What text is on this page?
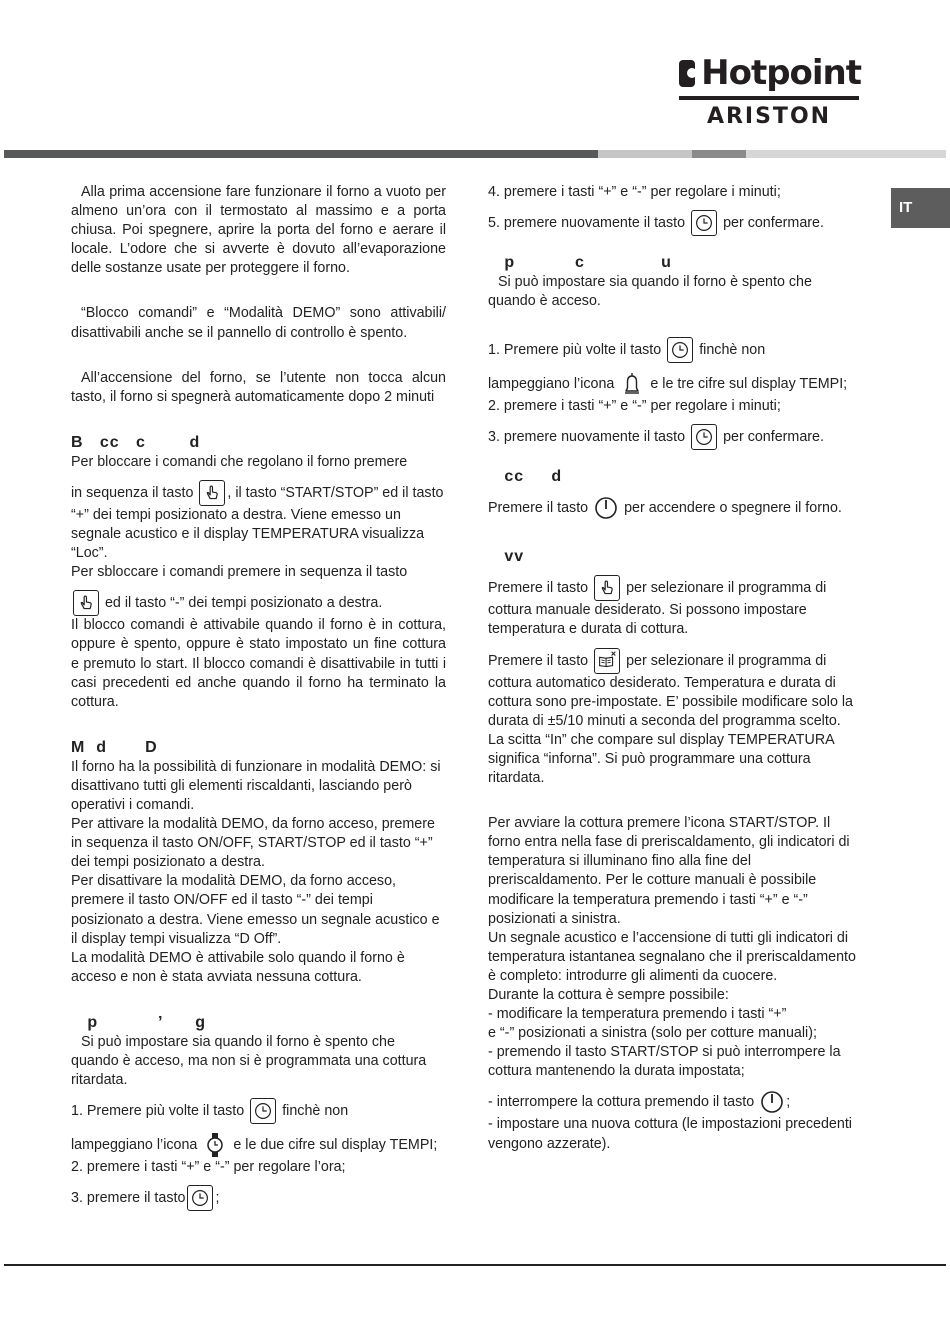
Hotpoint
ARISTON
IT

Alla prima accensione fare funzionare il forno a vuoto per almeno un’ora con il termostato al massimo e a porta chiusa. Poi spegnere, aprire la porta del forno e aerare il locale. L’odore che si avverte è dovuto all’evaporazione delle sostanze usate per proteggere il forno.

“Blocco comandi” e “Modalità DEMO” sono attivabili/ disattivabili anche se il pannello di controllo è spento.

All’accensione del forno, se l’utente non tocca alcun tasto, il forno si spegnerà automaticamente dopo 2 minuti

B   cc   c        d

Per bloccare i comandi che regolano il forno premere

in sequenza il tasto , il tasto “START/STOP” ed il tasto “+” dei tempi posizionato a destra. Viene emesso un segnale acustico e il display TEMPERATURA visualizza “Loc”.

Per sbloccare i comandi premere in sequenza il tasto

ed il tasto “-” dei tempi posizionato a destra.

Il blocco comandi è attivabile quando il forno è in cottura, oppure è spento, oppure è stato impostato un fine cottura e premuto lo start. Il blocco comandi è disattivabile in tutti i casi precedenti ed anche quando il forno ha terminato la cottura.

M  d       D

Il forno ha la possibilità di funzionare in modalità DEMO: si disattivano tutti gli elementi riscaldanti, lasciando però operativi i comandi.

Per attivare la modalità DEMO, da forno acceso, premere in sequenza il tasto ON/OFF, START/STOP ed il tasto “+” dei tempi posizionato a destra.

Per disattivare la modalità DEMO, da forno acceso, premere il tasto ON/OFF ed il tasto “-” dei tempi posizionato a destra. Viene emesso un segnale acustico e il display tempi visualizza “D Off”.

La modalità DEMO è attivabile solo quando il forno è acceso e non è stata avviata nessuna cottura.

p           ’      g

Si può impostare sia quando il forno è spento che quando è acceso, ma non si è programmata una cottura ritardata.

1. Premere più volte il tasto	finchè non

lampeggiano l’icona	e le due cifre sul display TEMPI;

2. premere i tasti “+” e “-” per regolare l’ora;

3. premere il tasto ;

4. premere i tasti “+” e “-” per regolare i minuti;

5. premere nuovamente il tasto	per confermare.

p           c              u

Si può impostare sia quando il forno è spento che quando è acceso.

1. Premere più volte il tasto	finchè non

lampeggiano l’icona	e le tre cifre sul display TEMPI;

2. premere i tasti “+” e “-” per regolare i minuti;

3. premere nuovamente il tasto	per confermare.

cc     d

Premere il tasto	per accendere o spegnere il forno.

vv

Premere il tasto	per selezionare il programma di cottura manuale desiderato. Si possono impostare temperatura e durata di cottura.

Premere il tasto	per selezionare il programma di cottura automatico desiderato. Temperatura e durata di cottura sono pre-impostate. E’ possibile modificare solo la durata di ±5/10 minuti a seconda del programma scelto. La scitta “In” che compare sul display TEMPERATURA significa “inforna”. Si può programmare una cottura ritardata.

Per avviare la cottura premere l’icona START/STOP. Il forno entra nella fase di preriscaldamento, gli indicatori di temperatura si illuminano fino alla fine del preriscaldamento. Per le cotture manuali è possibile modificare la temperatura premendo i tasti “+” e “-” posizionati a sinistra.

Un segnale acustico e l’accensione di tutti gli indicatori di temperatura istantanea segnalano che il preriscaldamento è completo: introdurre gli alimenti da cuocere.

Durante la cottura è sempre possibile:

- modificare la temperatura premendo i tasti “+”

e “-” posizionati a sinistra (solo per cotture manuali);

- premendo il tasto START/STOP si può interrompere la cottura mantenendo la durata impostata;

- interrompere la cottura premendo il tasto ;

- impostare una nuova cottura (le impostazioni precedenti vengono azzerate).
